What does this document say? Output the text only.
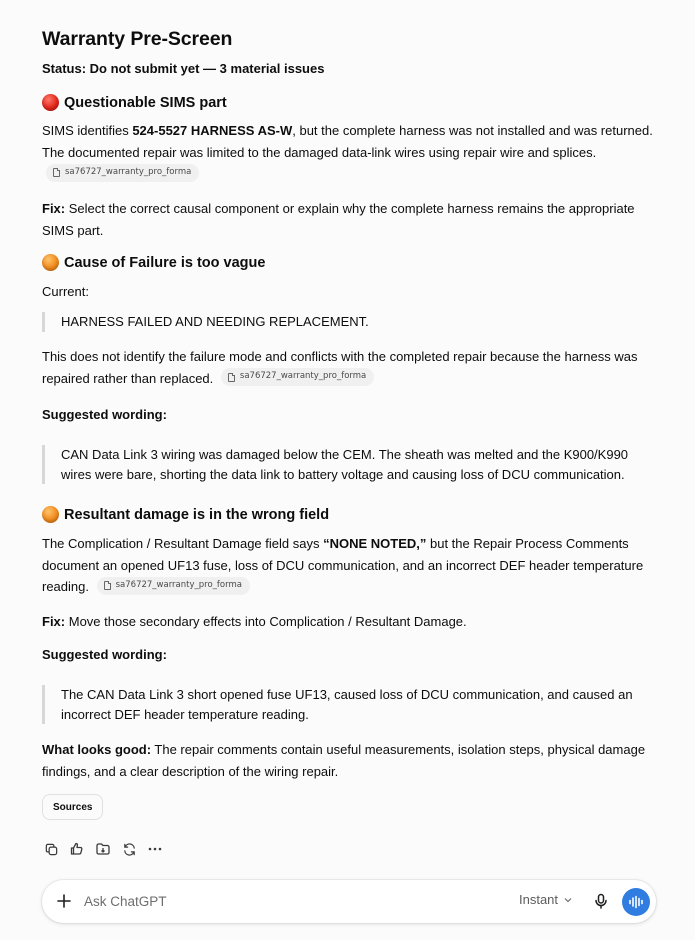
Warranty Pre-Screen
Status: Do not submit yet — 3 material issues
Questionable SIMS part
SIMS identifies 524-5527 HARNESS AS-W, but the complete harness was not installed and was returned. The documented repair was limited to the damaged data-link wires using repair wire and splices.
sa76727_warranty_pro_forma
Fix: Select the correct causal component or explain why the complete harness remains the appropriate SIMS part.
Cause of Failure is too vague
Current:
HARNESS FAILED AND NEEDING REPLACEMENT.
This does not identify the failure mode and conflicts with the completed repair because the harness was repaired rather than replaced.	sa76727_warranty_pro_forma
Suggested wording:
CAN Data Link 3 wiring was damaged below the CEM. The sheath was melted and the K900/K990 wires were bare, shorting the data link to battery voltage and causing loss of DCU communication.
Resultant damage is in the wrong field
The Complication / Resultant Damage field says “NONE NOTED,” but the Repair Process Comments document an opened UF13 fuse, loss of DCU communication, and an incorrect DEF header temperature reading.	sa76727_warranty_pro_forma
Fix: Move those secondary effects into Complication / Resultant Damage.
Suggested wording:
The CAN Data Link 3 short opened fuse UF13, caused loss of DCU communication, and caused an incorrect DEF header temperature reading.
What looks good: The repair comments contain useful measurements, isolation steps, physical damage findings, and a clear description of the wiring repair.
Sources
Ask ChatGPT
Instant
